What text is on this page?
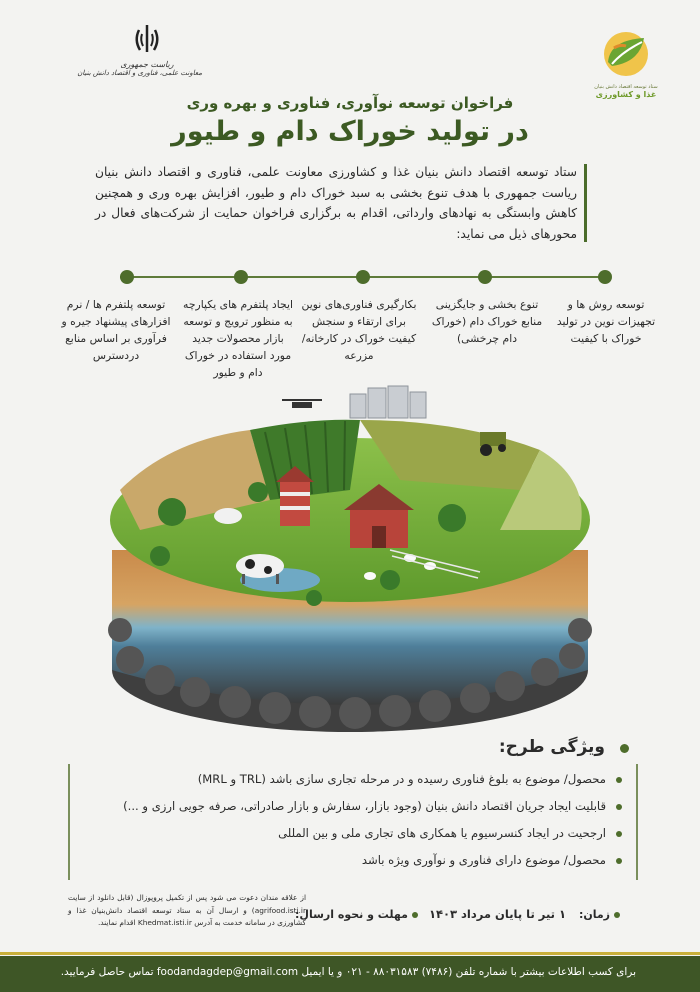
ستاد توسعه اقتصاد دانش بنیان
غذا و کشاورزی
ریاست جمهوری
معاونت علمی، فناوری و اقتصاد دانش بنیان
فراخوان توسعه نوآوری، فناوری و بهره وری
در تولید خوراک دام و طیور
ستاد توسعه اقتصاد دانش بنیان غذا و کشاورزی معاونت علمی، فناوری و اقتصاد دانش بنیان ریاست جمهوری با هدف تنوع بخشی به سبد خوراک دام و طیور، افزایش بهره وری و همچنین کاهش وابستگی به نهادهای وارداتی، اقدام به برگزاری فراخوان حمایت از شرکت‌های فعال در محورهای ذیل می نماید:
توسعه روش ها و تجهیزات نوین در تولید خوراک با کیفیت
تنوع بخشی و جایگزینی منابع خوراک دام (خوراک دام چرخشی)
بکارگیری فناوری‌های نوین برای ارتقاء و سنجش کیفیت خوراک در کارخانه/مزرعه
ایجاد پلتفرم های یکپارچه به منظور ترویج و توسعه بازار محصولات جدید مورد استفاده در خوراک دام و طیور
توسعه پلتفرم ها / نرم افزارهای پیشنهاد جیره و فرآوری بر اساس منابع دردسترس
ویژگی طرح:
محصول/ موضوع به بلوغ فناوری رسیده و در مرحله تجاری سازی باشد (TRL و MRL)
قابلیت ایجاد جریان اقتصاد دانش بنیان (وجود بازار، سفارش و بازار صادراتی، صرفه جویی ارزی و ...)
ارجحیت در ایجاد کنسرسیوم یا همکاری های تجاری ملی و بین المللی
محصول/ موضوع دارای فناوری و نوآوری ویژه باشد
زمان:
۱ تیر تا پایان مرداد ۱۴۰۳
مهلت و نحوه ارسال:
از علاقه مندان دعوت می شود پس از تکمیل پروپوزال (قابل دانلود از سایت agrifood.isti.ir) و ارسال آن به ستاد توسعه اقتصاد دانش‌بنیان غذا و کشاورزی در سامانه خدمت به آدرس Khedmat.isti.ir اقدام نمایند.
برای کسب اطلاعات بیشتر با شماره تلفن (۷۴۸۶) ۸۸۰۳۱۵۸۳ - ۰۲۱ و یا ایمیل foodandagdep@gmail.com تماس حاصل فرمایید.
